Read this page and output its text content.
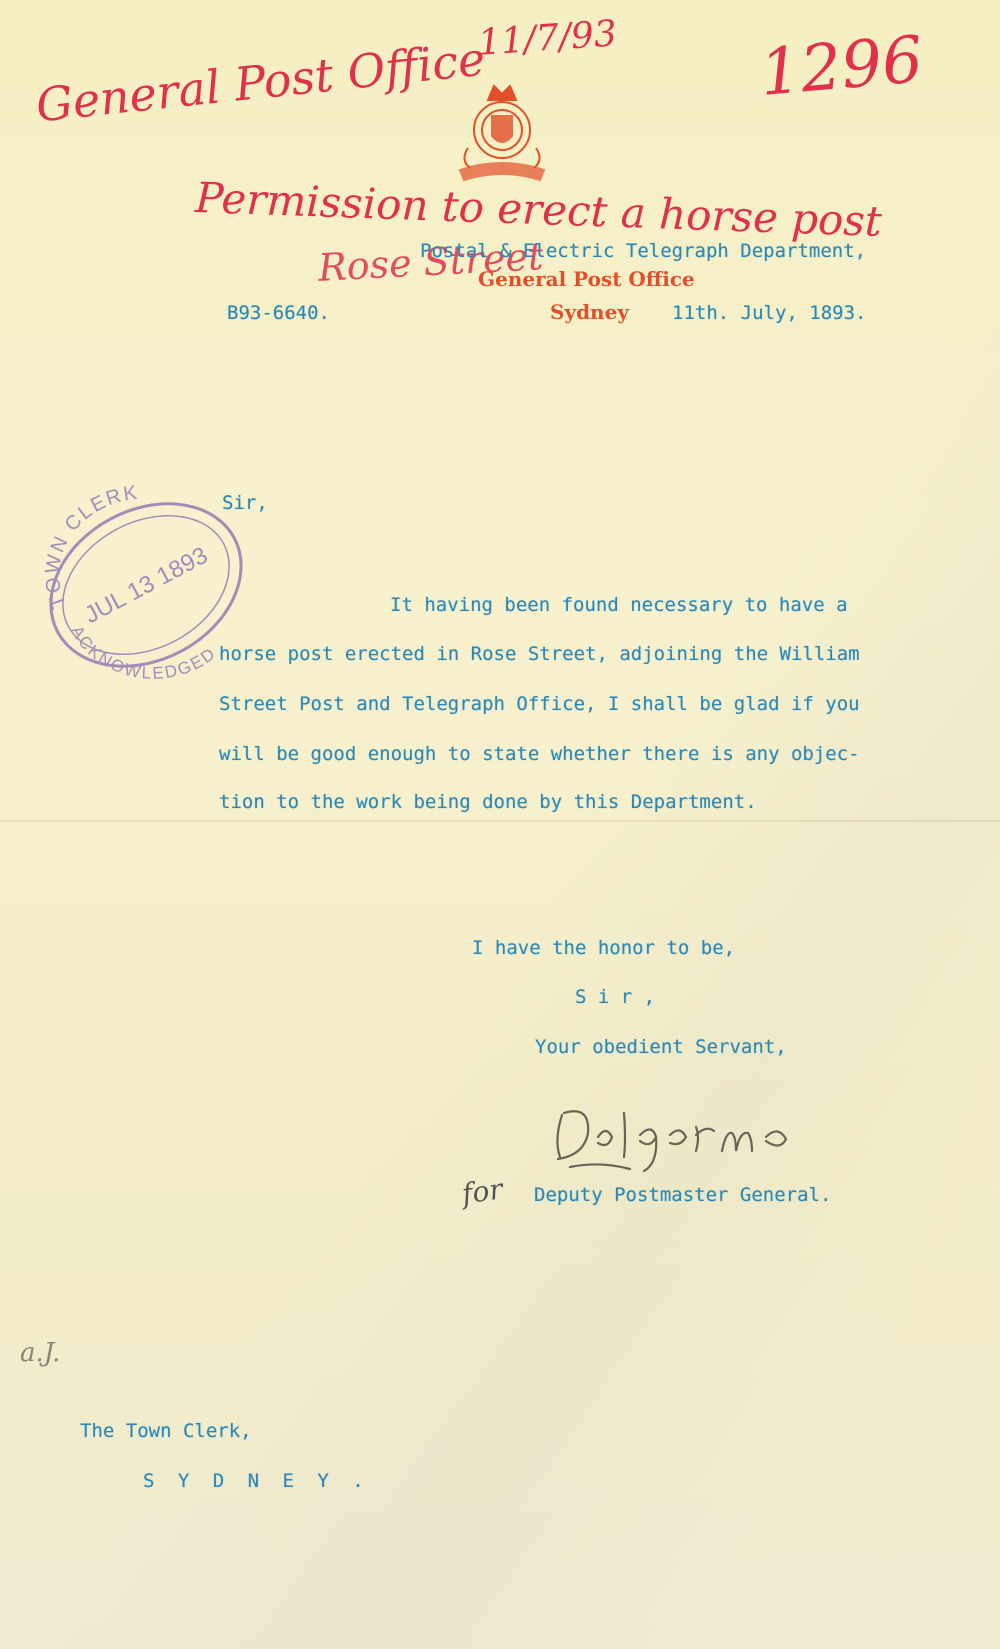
General Post Office
11/7/93 1296
Permission to erect a horse post
Rose Street
Postal & Electric Telegraph Department,
General Post Office
B93-6640.	Sydney 11th. July, 1893.
TOWN CLERK
ACKNOWLEDGED
JUL 13 1893
Sir,
It having been found necessary to have a
horse post erected in Rose Street, adjoining the William
Street Post and Telegraph Office, I shall be glad if you
will be good enough to state whether there is any objec-
tion to the work being done by this Department.
I have the honor to be,
S i r ,
Your obedient Servant,
for Deputy Postmaster General.
a.J.
The Town Clerk,
S Y D N E Y .
